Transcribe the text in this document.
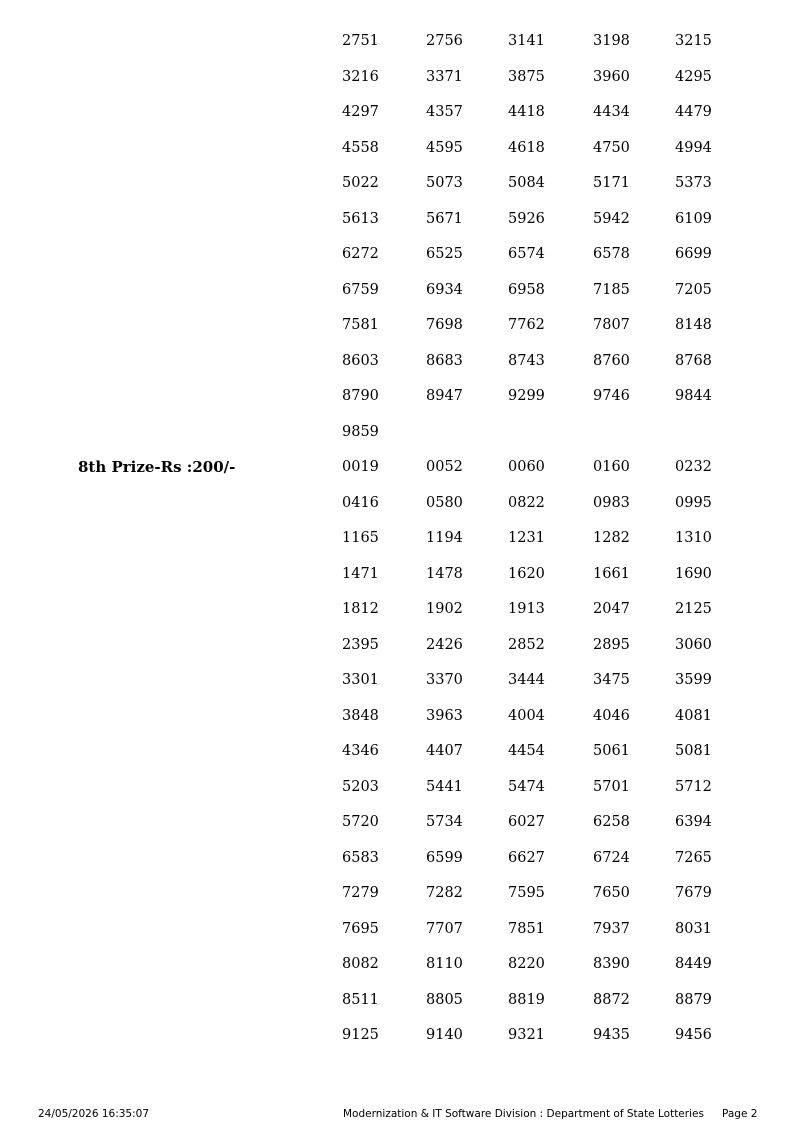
2751	2756	3141	3198	3215
3216	3371	3875	3960	4295
4297	4357	4418	4434	4479
4558	4595	4618	4750	4994
5022	5073	5084	5171	5373
5613	5671	5926	5942	6109
6272	6525	6574	6578	6699
6759	6934	6958	7185	7205
7581	7698	7762	7807	8148
8603	8683	8743	8760	8768
8790	8947	9299	9746	9844
9859
8th Prize-Rs :200/-	0019	0052	0060	0160	0232
0416	0580	0822	0983	0995
1165	1194	1231	1282	1310
1471	1478	1620	1661	1690
1812	1902	1913	2047	2125
2395	2426	2852	2895	3060
3301	3370	3444	3475	3599
3848	3963	4004	4046	4081
4346	4407	4454	5061	5081
5203	5441	5474	5701	5712
5720	5734	6027	6258	6394
6583	6599	6627	6724	7265
7279	7282	7595	7650	7679
7695	7707	7851	7937	8031
8082	8110	8220	8390	8449
8511	8805	8819	8872	8879
9125	9140	9321	9435	9456
24/05/2026 16:35:07	Modernization & IT Software Division : Department of State Lotteries Page 2
